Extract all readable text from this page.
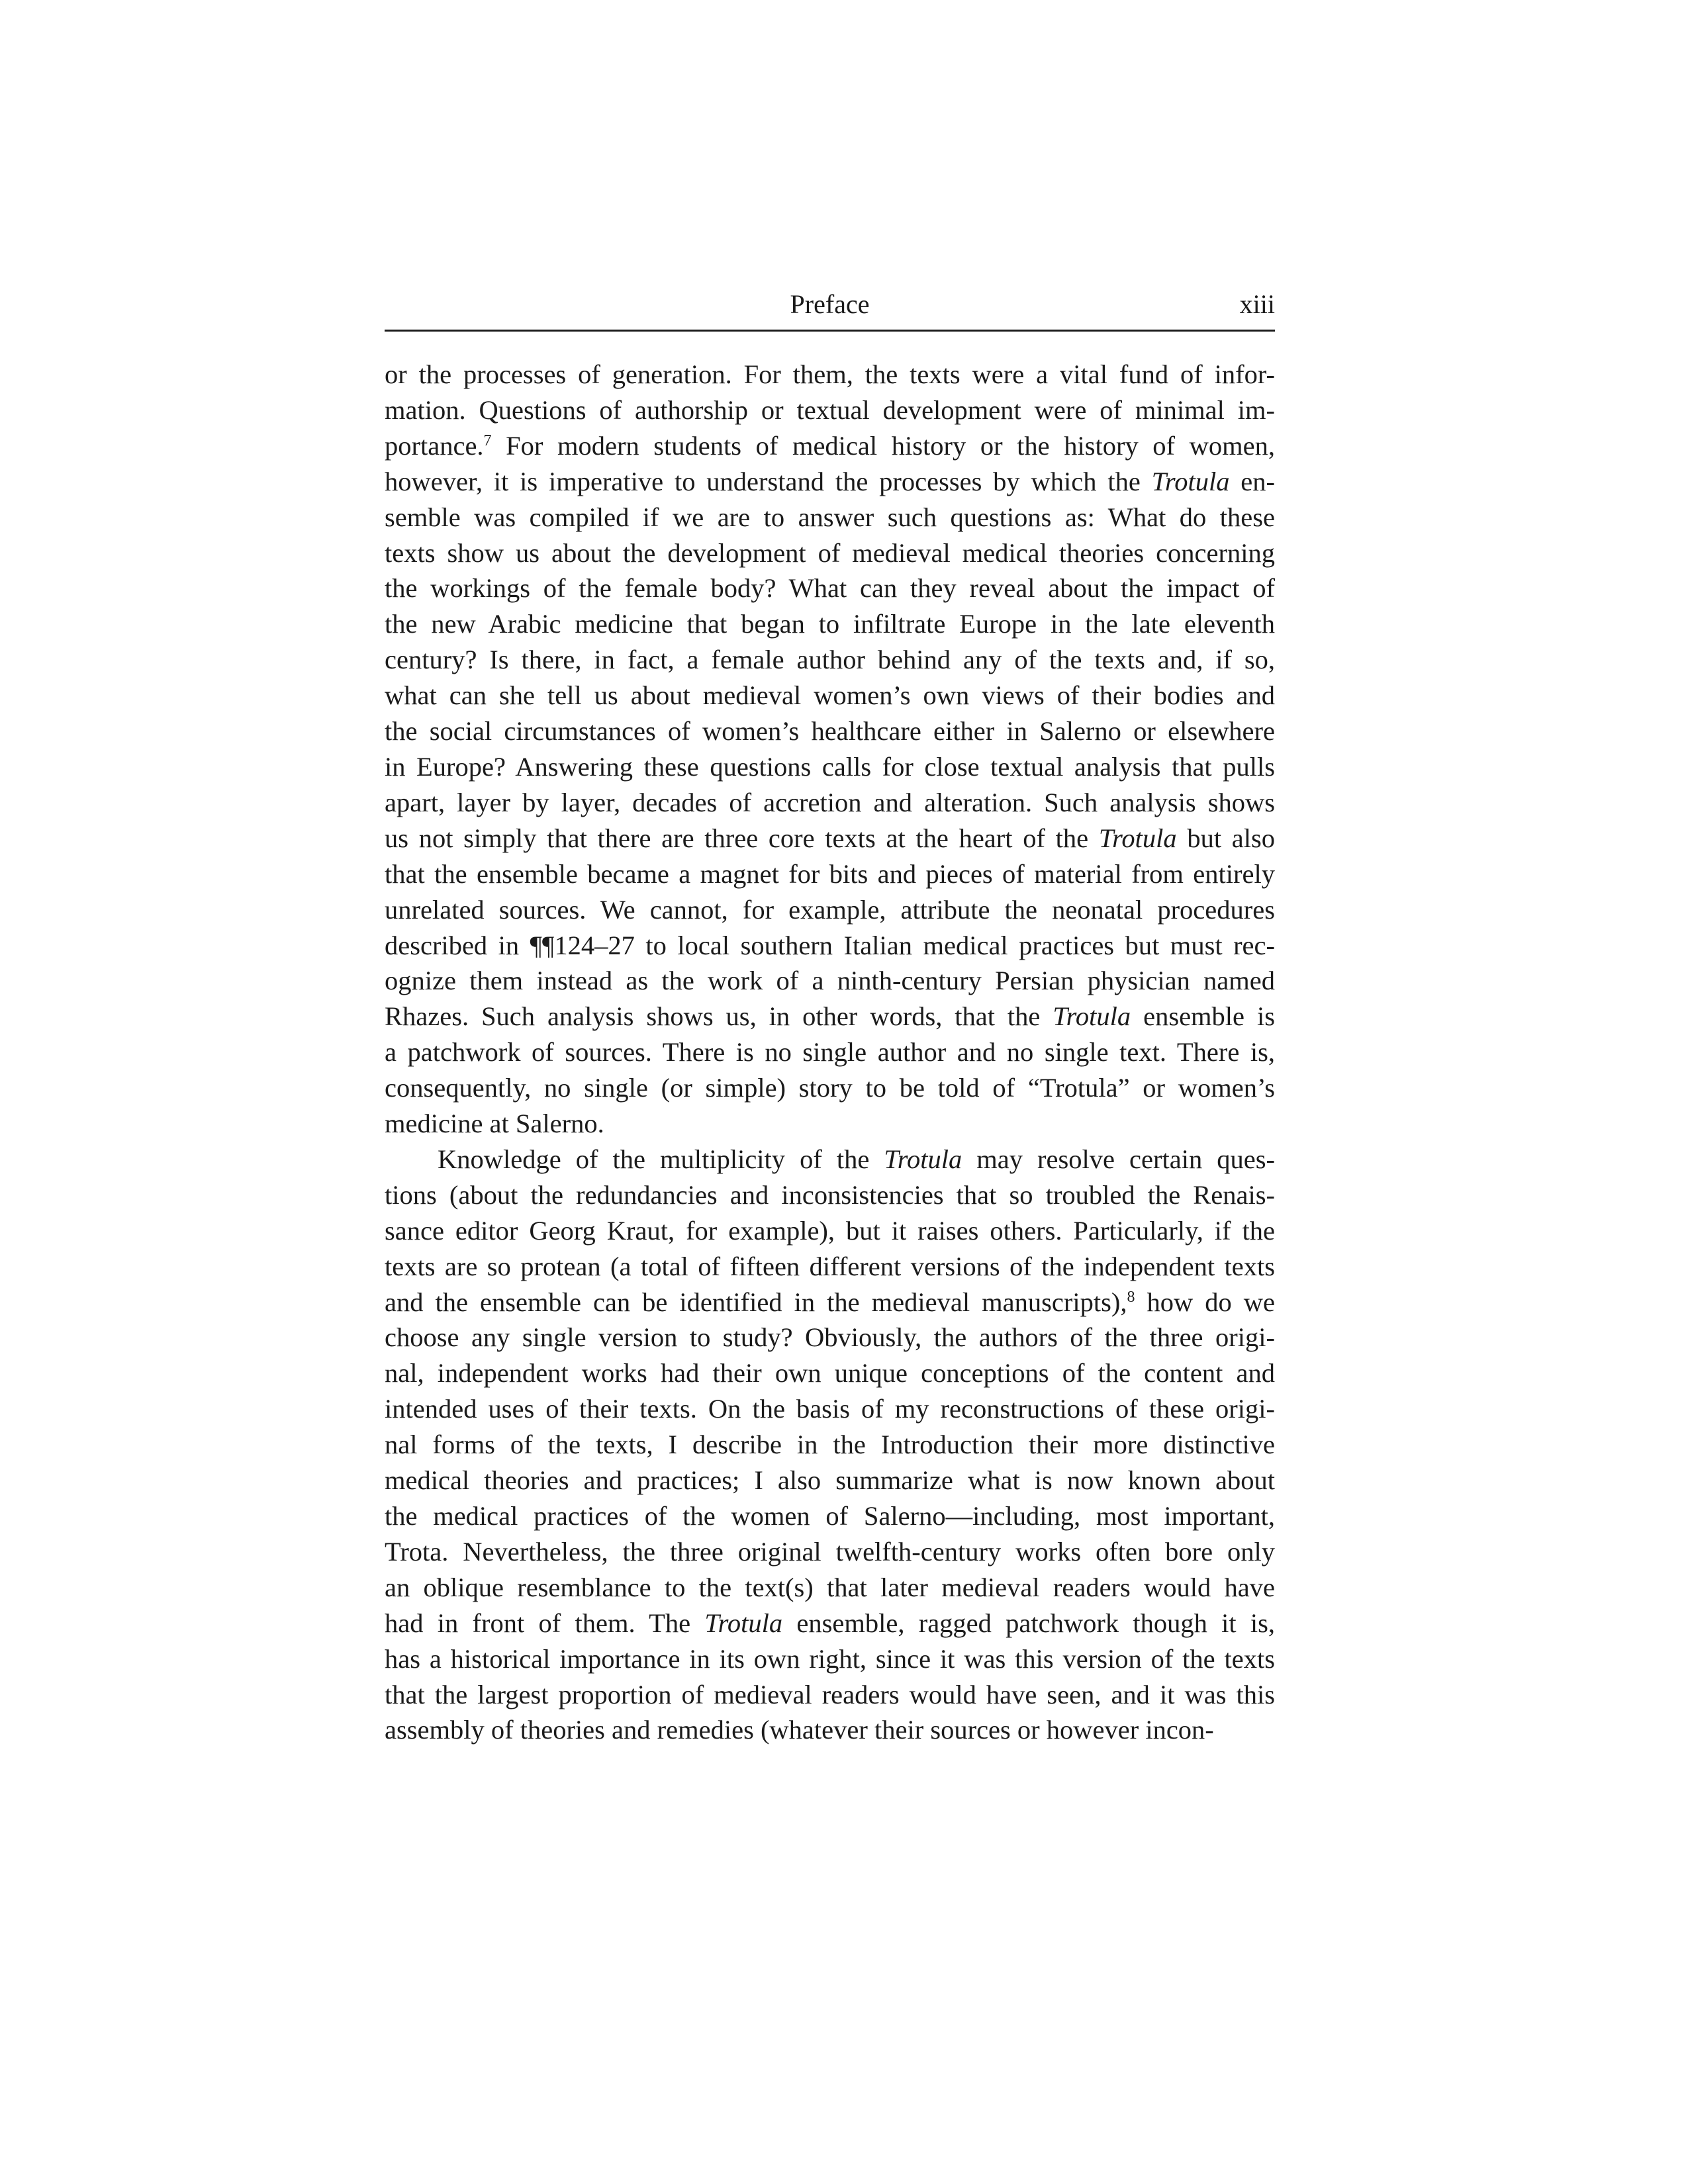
Preface	xiii
or the processes of generation. For them, the texts were a vital fund of infor-
mation. Questions of authorship or textual development were of minimal im-
portance.$^7$ For modern students of medical history or the history of women,
however, it is imperative to understand the processes by which the Trotula en-
semble was compiled if we are to answer such questions as: What do these
texts show us about the development of medieval medical theories concerning
the workings of the female body? What can they reveal about the impact of
the new Arabic medicine that began to infiltrate Europe in the late eleventh
century? Is there, in fact, a female author behind any of the texts and, if so,
what can she tell us about medieval women’s own views of their bodies and
the social circumstances of women’s healthcare either in Salerno or elsewhere
in Europe? Answering these questions calls for close textual analysis that pulls
apart, layer by layer, decades of accretion and alteration. Such analysis shows
us not simply that there are three core texts at the heart of the Trotula but also
that the ensemble became a magnet for bits and pieces of material from entirely
unrelated sources. We cannot, for example, attribute the neonatal procedures
described in ¶¶124–27 to local southern Italian medical practices but must rec-
ognize them instead as the work of a ninth-century Persian physician named
Rhazes. Such analysis shows us, in other words, that the Trotula ensemble is
a patchwork of sources. There is no single author and no single text. There is,
consequently, no single (or simple) story to be told of “Trotula” or women’s
medicine at Salerno.
Knowledge of the multiplicity of the Trotula may resolve certain ques-
tions (about the redundancies and inconsistencies that so troubled the Renais-
sance editor Georg Kraut, for example), but it raises others. Particularly, if the
texts are so protean (a total of fifteen different versions of the independent texts
and the ensemble can be identified in the medieval manuscripts),$^8$ how do we
choose any single version to study? Obviously, the authors of the three origi-
nal, independent works had their own unique conceptions of the content and
intended uses of their texts. On the basis of my reconstructions of these origi-
nal forms of the texts, I describe in the Introduction their more distinctive
medical theories and practices; I also summarize what is now known about
the medical practices of the women of Salerno—including, most important,
Trota. Nevertheless, the three original twelfth-century works often bore only
an oblique resemblance to the text(s) that later medieval readers would have
had in front of them. The Trotula ensemble, ragged patchwork though it is,
has a historical importance in its own right, since it was this version of the texts
that the largest proportion of medieval readers would have seen, and it was this
assembly of theories and remedies (whatever their sources or however incon-
